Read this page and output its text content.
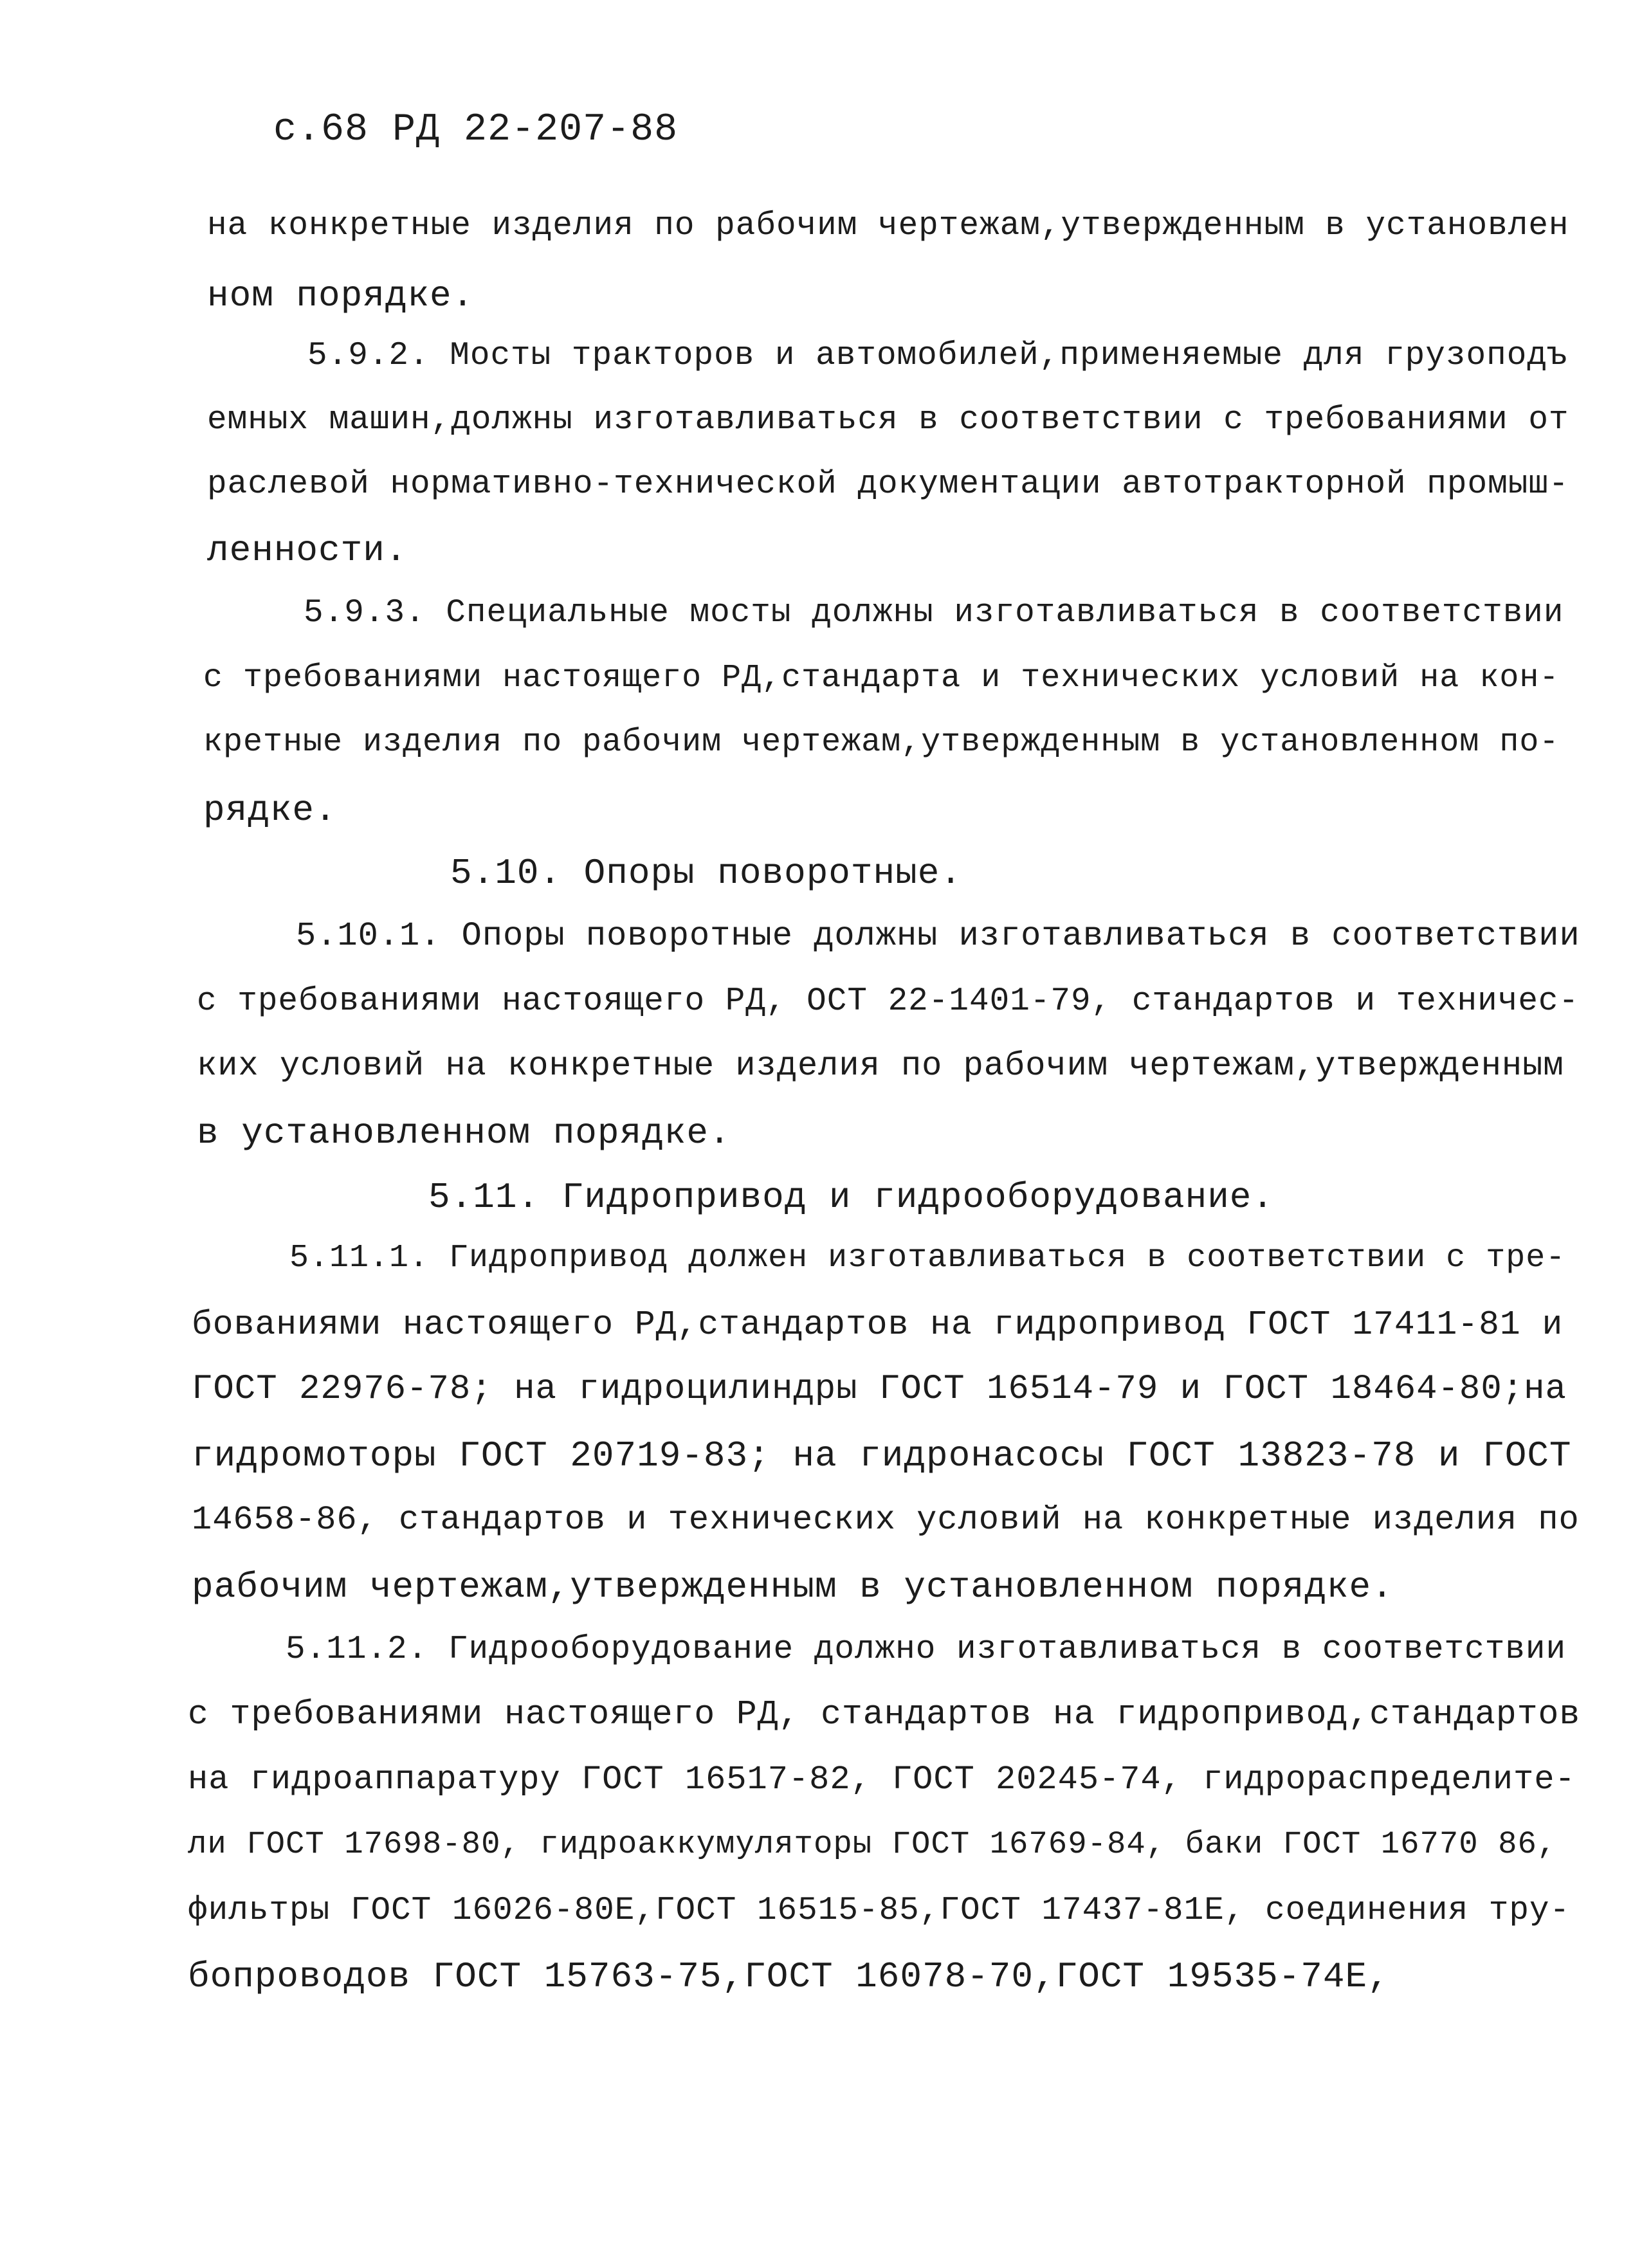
с.68 РД 22-207-88
на конкретные изделия по рабочим чертежам,утвержденным в установлен
ном порядке.
5.9.2. Мосты тракторов и автомобилей,применяемые для грузоподъ
емных машин,должны изготавливаться в соответствии с требованиями от
раслевой нормативно-технической документации автотракторной промыш-
ленности.
5.9.3. Специальные мосты должны изготавливаться в соответствии
с требованиями настоящего РД,стандарта и технических условий на кон-
кретные изделия по рабочим чертежам,утвержденным в установленном по-
рядке.
5.10. Опоры поворотные.
5.10.1. Опоры поворотные должны изготавливаться в соответствии
с требованиями настоящего РД, ОСТ 22-1401-79, стандартов и техничес-
ких условий на конкретные изделия по рабочим чертежам,утвержденным
в установленном порядке.
5.11. Гидропривод и гидрооборудование.
5.11.1. Гидропривод должен изготавливаться в соответствии с тре-
бованиями настоящего РД,стандартов на гидропривод ГОСТ 17411-81 и
ГОСТ 22976-78; на гидроцилиндры ГОСТ 16514-79 и ГОСТ 18464-80;на
гидромоторы ГОСТ 20719-83; на гидронасосы ГОСТ 13823-78 и ГОСТ
14658-86, стандартов и технических условий на конкретные изделия по
рабочим чертежам,утвержденным в установленном порядке.
5.11.2. Гидрооборудование должно изготавливаться в соответствии
с требованиями настоящего РД, стандартов на гидропривод,стандартов
на гидроаппаратуру ГОСТ 16517-82, ГОСТ 20245-74, гидрораспределите-
ли ГОСТ 17698-80, гидроаккумуляторы ГОСТ 16769-84, баки ГОСТ 16770 86,
фильтры ГОСТ 16026-80Е,ГОСТ 16515-85,ГОСТ 17437-81Е, соединения тру-
бопроводов ГОСТ 15763-75,ГОСТ 16078-70,ГОСТ 19535-74Е,
